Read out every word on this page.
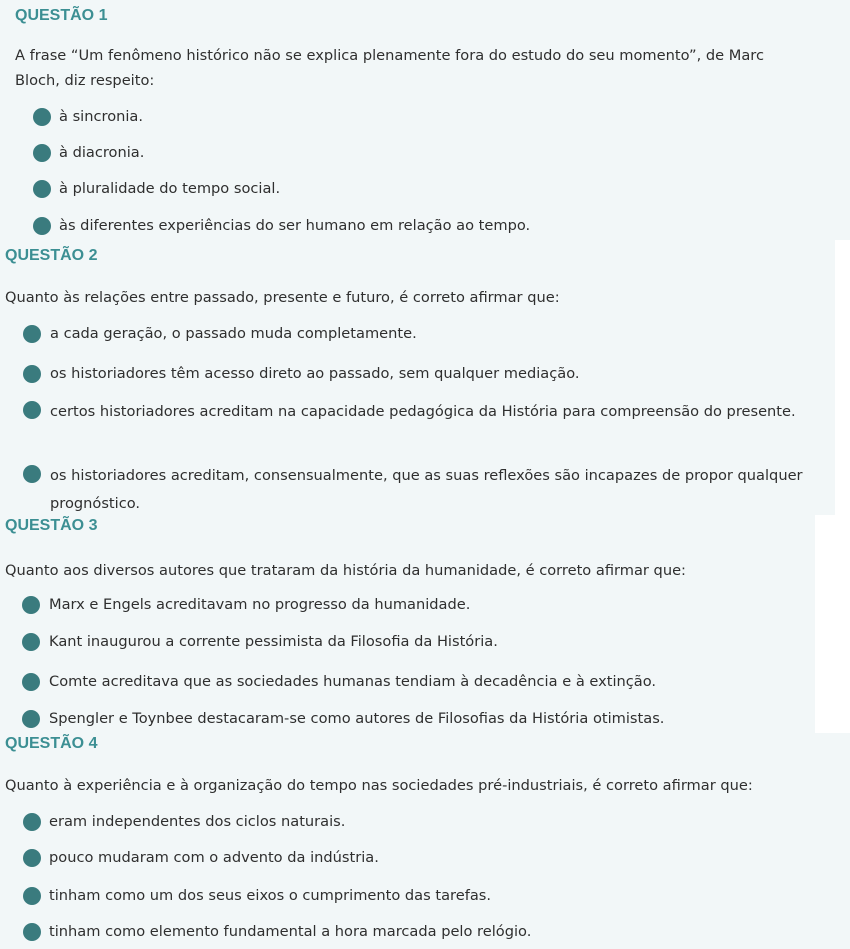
QUESTÃO 1
A frase “Um fenômeno histórico não se explica plenamente fora do estudo do seu momento”, de Marc
Bloch, diz respeito:
à sincronia.
à diacronia.
à pluralidade do tempo social.
às diferentes experiências do ser humano em relação ao tempo.
QUESTÃO 2
Quanto às relações entre passado, presente e futuro, é correto afirmar que:
a cada geração, o passado muda completamente.
os historiadores têm acesso direto ao passado, sem qualquer mediação.
certos historiadores acreditam na capacidade pedagógica da História para compreensão do presente.
os historiadores acreditam, consensualmente, que as suas reflexões são incapazes de propor qualquer prognóstico.
QUESTÃO 3
Quanto aos diversos autores que trataram da história da humanidade, é correto afirmar que:
Marx e Engels acreditavam no progresso da humanidade.
Kant inaugurou a corrente pessimista da Filosofia da História.
Comte acreditava que as sociedades humanas tendiam à decadência e à extinção.
Spengler e Toynbee destacaram-se como autores de Filosofias da História otimistas.
QUESTÃO 4
Quanto à experiência e à organização do tempo nas sociedades pré-industriais, é correto afirmar que:
eram independentes dos ciclos naturais.
pouco mudaram com o advento da indústria.
tinham como um dos seus eixos o cumprimento das tarefas.
tinham como elemento fundamental a hora marcada pelo relógio.
